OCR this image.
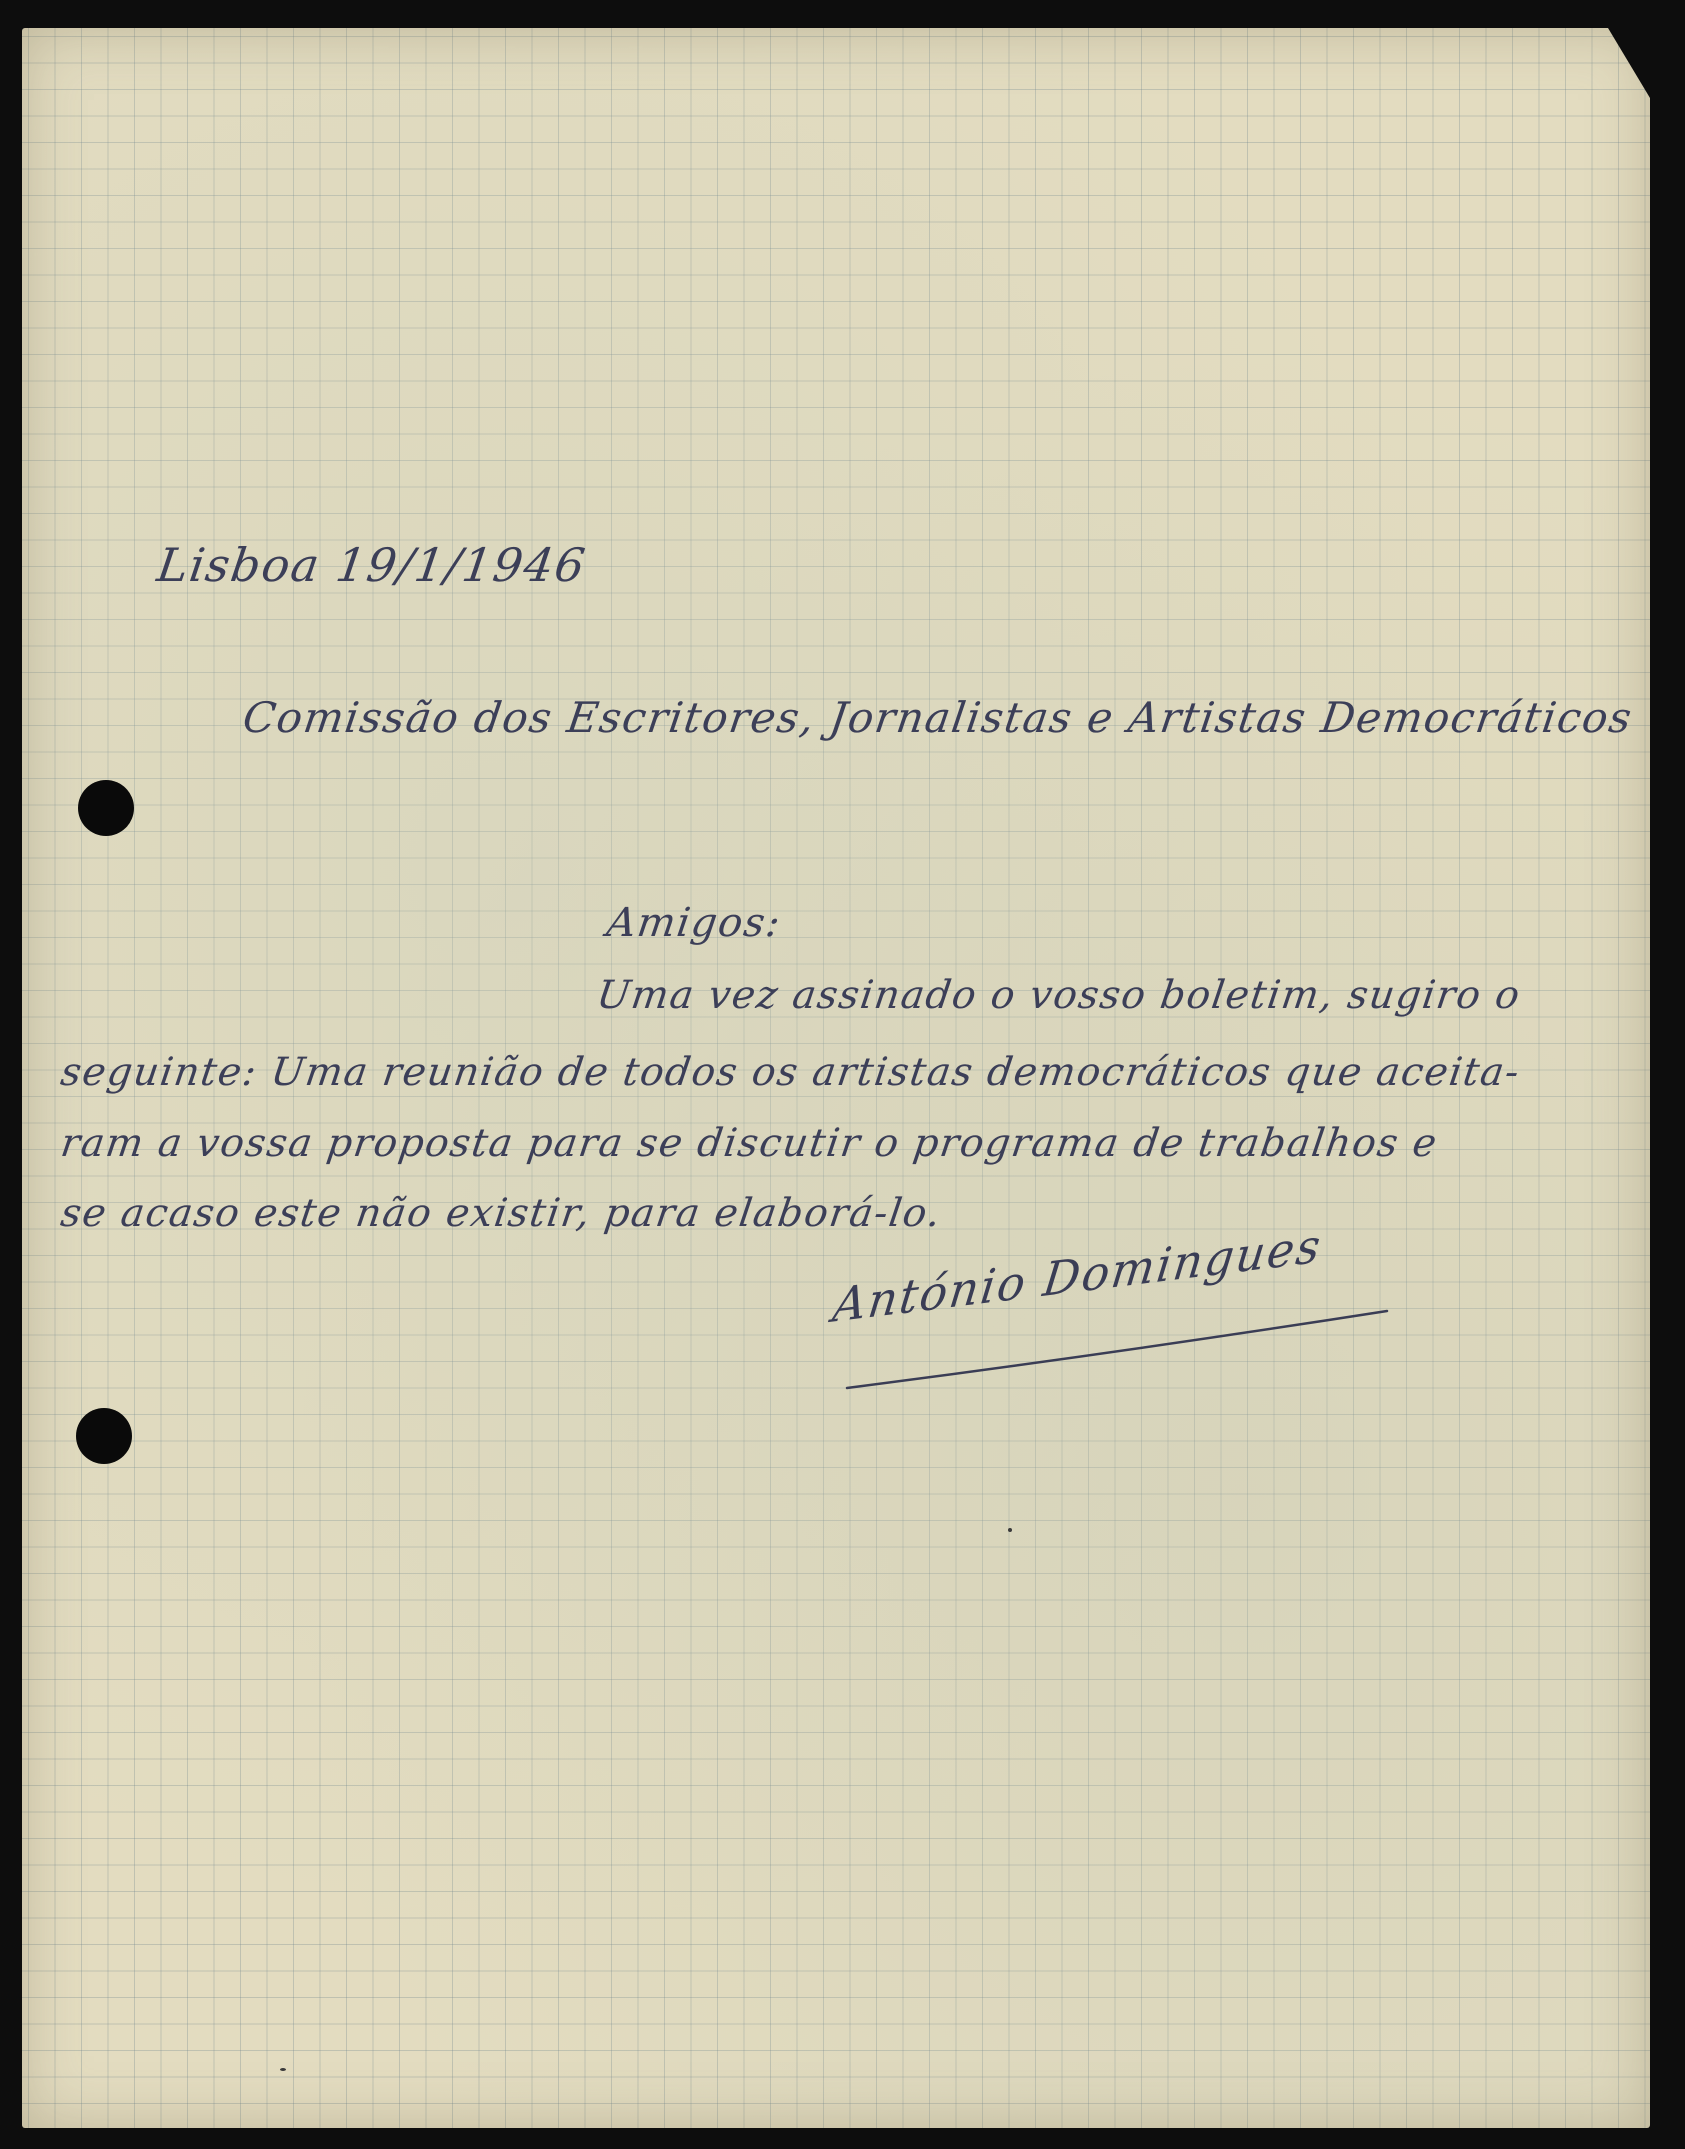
Lisboa 19/1/1946
Comissão dos Escritores, Jornalistas e Artistas Democráticos
Amigos:
Uma vez assinado o vosso boletim, sugiro o
seguinte: Uma reunião de todos os artistas democráticos que aceita-
ram a vossa proposta para se discutir o programa de trabalhos e
se acaso este não existir, para elaborá-lo.
António Domingues
